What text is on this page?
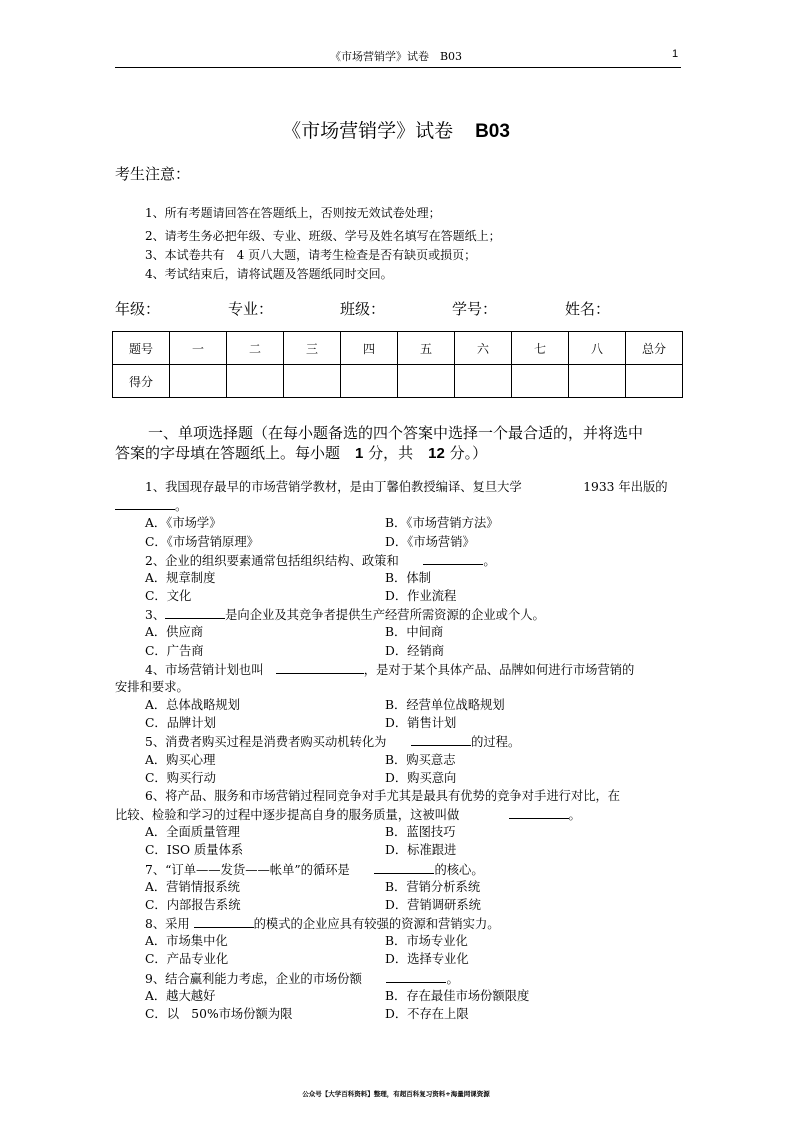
《市场营销学》试卷　B03	1
《市场营销学》试卷 B03
考生注意：
1、所有考题请回答在答题纸上，否则按无效试卷处理；
2、请考生务必把年级、专业、班级、学号及姓名填写在答题纸上；
3、本试卷共有　4 页八大题，请考生检查是否有缺页或损页；
4、考试结束后，请将试题及答题纸同时交回。
年级：	专业：	班级：	学号：	姓名：
题号	一	二	三	四	五	六	七	八	总分
得分									
一、单项选择题（在每小题备选的四个答案中选择一个最合适的，并将选中
答案的字母填在答题纸上。每小题　1 分，共　12 分。）
1、我国现存最早的市场营销学教材，是由丁馨伯教授编译、复旦大学　　　　　1933 年出版的
。
A．《市场学》	B．《市场营销方法》
C．《市场营销原理》	D．《市场营销》
2、企业的组织要素通常包括组织结构、政策和　　	。
A．规章制度	B．体制
C．文化	D．作业流程
3、	是向企业及其竞争者提供生产经营所需资源的企业或个人。
A．供应商	B．中间商
C．广告商	D．经销商
4、市场营销计划也叫　	，是对于某个具体产品、品牌如何进行市场营销的
安排和要求。
A．总体战略规划	B．经营单位战略规划
C．品牌计划	D．销售计划
5、消费者购买过程是消费者购买动机转化为　　	的过程。
A．购买心理	B．购买意志
C．购买行动	D．购买意向
6、将产品、服务和市场营销过程同竞争对手尤其是最具有优势的竞争对手进行对比，在
比较、检验和学习的过程中逐步提高自身的服务质量，这被叫做　　　　	。
A．全面质量管理	B．蓝图技巧
C．ISO 质量体系	D．标准跟进
7、“订单——发货——帐单”的循环是　　	的核心。
A．营销情报系统	B．营销分析系统
C．内部报告系统	D．营销调研系统
8、采用	的模式的企业应具有较强的资源和营销实力。
A．市场集中化	B．市场专业化
C．产品专业化	D．选择专业化
9、结合赢利能力考虑，企业的市场份额　　	。
A．越大越好	B．存在最佳市场份额限度
C．以　50%市场份额为限	D．不存在上限
公众号【大学百科资料】整理，有超百科复习资料+海量网课资源
